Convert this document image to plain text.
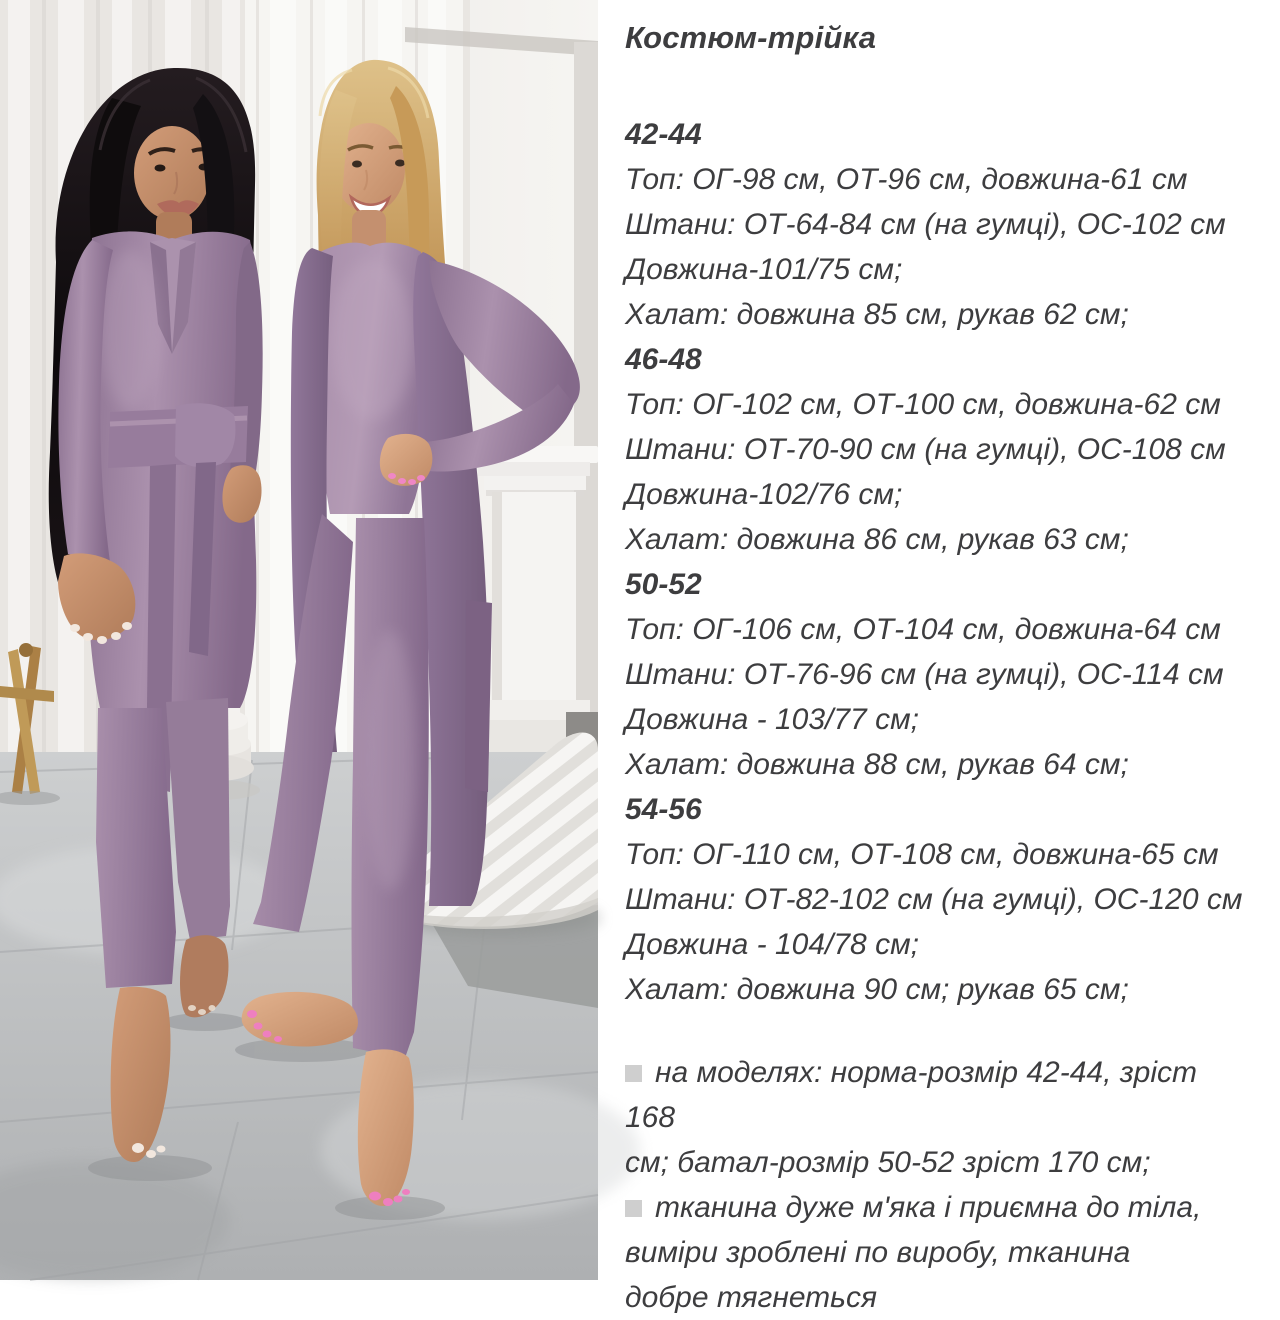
Костюм-трійка
42-44
Топ: ОГ-98 см, ОТ-96 см, довжина-61 см
Штани: ОТ-64-84 см (на гумці), ОС-102 см
Довжина-101/75 см;
Халат: довжина 85 см, рукав 62 см;
46-48
Топ: ОГ-102 см, ОТ-100 см, довжина-62 см
Штани: ОТ-70-90 см (на гумці), ОС-108 см
Довжина-102/76 см;
Халат: довжина 86 см, рукав 63 см;
50-52
Топ: ОГ-106 см, ОТ-104 см, довжина-64 см
Штани: ОТ-76-96 см (на гумці), ОС-114 см
Довжина - 103/77 см;
Халат: довжина 88 см, рукав 64 см;
54-56
Топ: ОГ-110 см, ОТ-108 см, довжина-65 см
Штани: ОТ-82-102 см (на гумці), ОС-120 см
Довжина - 104/78 см;
Халат: довжина 90 см; рукав 65 см;
на моделях: норма-розмір 42-44, зріст 168
см; батал-розмір 50-52 зріст 170 см;
тканина дуже м'яка і приємна до тіла,
виміри зроблені по виробу, тканина
добре тягнеться
